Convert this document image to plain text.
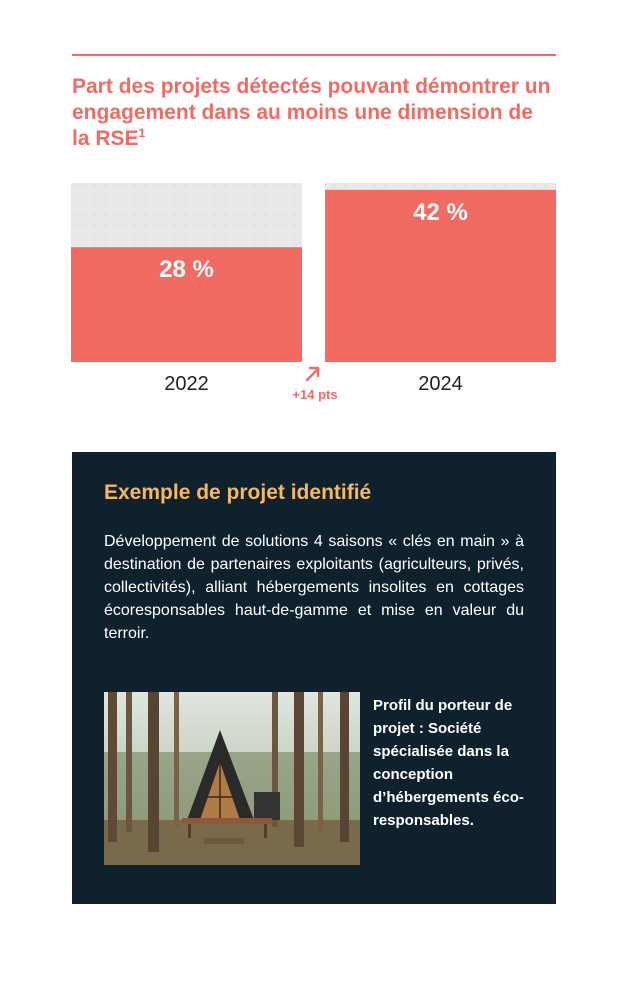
Part des projets détectés pouvant démontrer un engagement dans au moins une dimension de la RSE$^1$
28 %
2022
42 %
2024
+14 pts
Exemple de projet identifié

Développement de solutions 4 saisons « clés en main » à destination de partenaires exploitants (agriculteurs, privés, collectivités), alliant hébergements insolites en cottages écoresponsables haut-de-gamme et mise en valeur du terroir.

Profil du porteur de projet : Société spécialisée dans la conception d’hébergements éco-responsables.
